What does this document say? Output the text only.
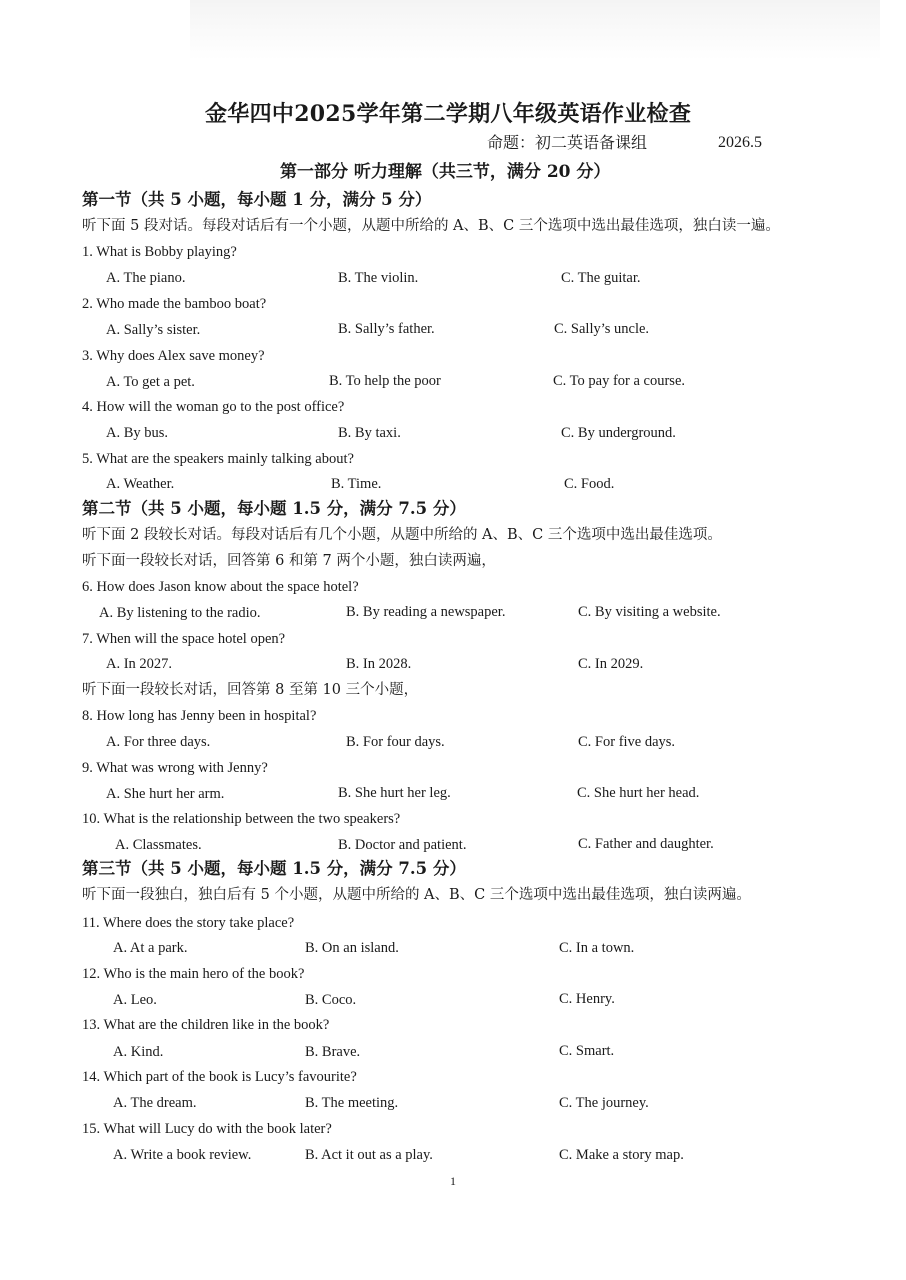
金华四中2025学年第二学期八年级英语作业检查
命题：初二英语备课组	2026.5
第一部分 听力理解（共三节，满分 20 分）
第一节（共 5 小题，每小题 1 分，满分 5 分）
听下面 5 段对话。每段对话后有一个小题，从题中所给的 A、B、C 三个选项中选出最佳选项，独白读一遍。
1. What is Bobby playing?
A. The piano.	B. The violin.	C. The guitar.
2. Who made the bamboo boat?
A. Sally’s sister.	B. Sally’s father.	C. Sally’s uncle.
3. Why does Alex save money?
A. To get a pet.	B. To help the poor	C. To pay for a course.
4. How will the woman go to the post office?
A. By bus.	B. By taxi.	C. By underground.
5. What are the speakers mainly talking about?
A. Weather.	B. Time.	C. Food.
第二节（共 5 小题，每小题 1.5 分，满分 7.5 分）
听下面 2 段较长对话。每段对话后有几个小题，从题中所给的 A、B、C 三个选项中选出最佳选项。
听下面一段较长对话，回答第 6 和第 7 两个小题，独白读两遍，
6. How does Jason know about the space hotel?
A. By listening to the radio.	B. By reading a newspaper.	C. By visiting a website.
7. When will the space hotel open?
A. In 2027.	B. In 2028.	C. In 2029.
听下面一段较长对话，回答第 8 至第 10 三个小题，
8. How long has Jenny been in hospital?
A. For three days.	B. For four days.	C. For five days.
9. What was wrong with Jenny?
A. She hurt her arm.	B. She hurt her leg.	C. She hurt her head.
10. What is the relationship between the two speakers?
A. Classmates.	B. Doctor and patient.	C. Father and daughter.
第三节（共 5 小题，每小题 1.5 分，满分 7.5 分）
听下面一段独白，独白后有 5 个小题，从题中所给的 A、B、C 三个选项中选出最佳选项，独白读两遍。
11. Where does the story take place?
A. At a park.	B. On an island.	C. In a town.
12. Who is the main hero of the book?
A. Leo.	B. Coco.	C. Henry.
13. What are the children like in the book?
A. Kind.	B. Brave.	C. Smart.
14. Which part of the book is Lucy’s favourite?
A. The dream.	B. The meeting.	C. The journey.
15. What will Lucy do with the book later?
A. Write a book review.	B. Act it out as a play.	C. Make a story map.
1
